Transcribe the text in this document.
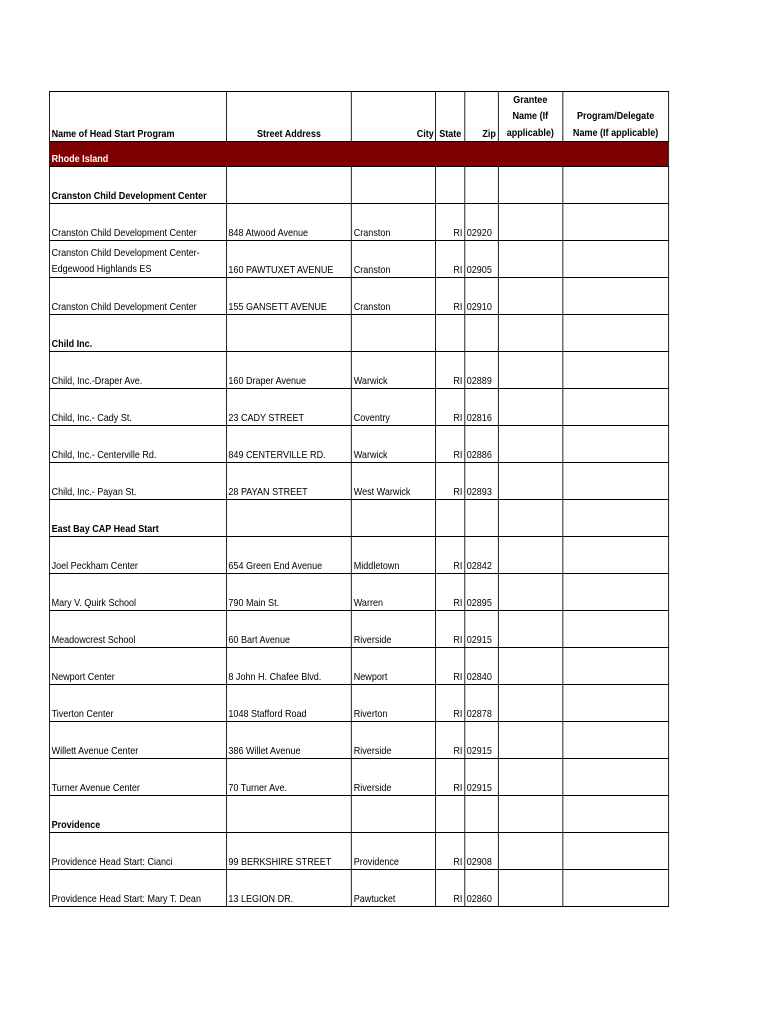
Name of Head Start Program	Street Address	City	State	Zip	Grantee Name (If applicable)	Program/Delegate Name (If applicable)
Rhode Island						
Cranston Child Development Center						
Cranston Child Development Center	848 Atwood Avenue	Cranston	RI	02920		
Cranston Child Development Center-Edgewood Highlands ES	160 PAWTUXET AVENUE	Cranston	RI	02905		
Cranston Child Development Center	155 GANSETT AVENUE	Cranston	RI	02910		
Child Inc.						
Child, Inc.-Draper Ave.	160 Draper Avenue	Warwick	RI	02889		
Child, Inc.- Cady St.	23 CADY STREET	Coventry	RI	02816		
Child, Inc.- Centerville Rd.	849 CENTERVILLE RD.	Warwick	RI	02886		
Child, Inc.- Payan St.	28 PAYAN STREET	West Warwick	RI	02893		
East Bay CAP Head Start						
Joel Peckham Center	654 Green End Avenue	Middletown	RI	02842		
Mary V. Quirk School	790 Main St.	Warren	RI	02895		
Meadowcrest School	60 Bart Avenue	Riverside	RI	02915		
Newport Center	8 John H. Chafee Blvd.	Newport	RI	02840		
Tiverton Center	1048 Stafford Road	Riverton	RI	02878		
Willett Avenue Center	386 Willet Avenue	Riverside	RI	02915		
Turner Avenue Center	70 Turner Ave.	Riverside	RI	02915		
Providence						
Providence Head Start: Cianci	99 BERKSHIRE STREET	Providence	RI	02908		
Providence Head Start: Mary T. Dean	13 LEGION DR.	Pawtucket	RI	02860		
